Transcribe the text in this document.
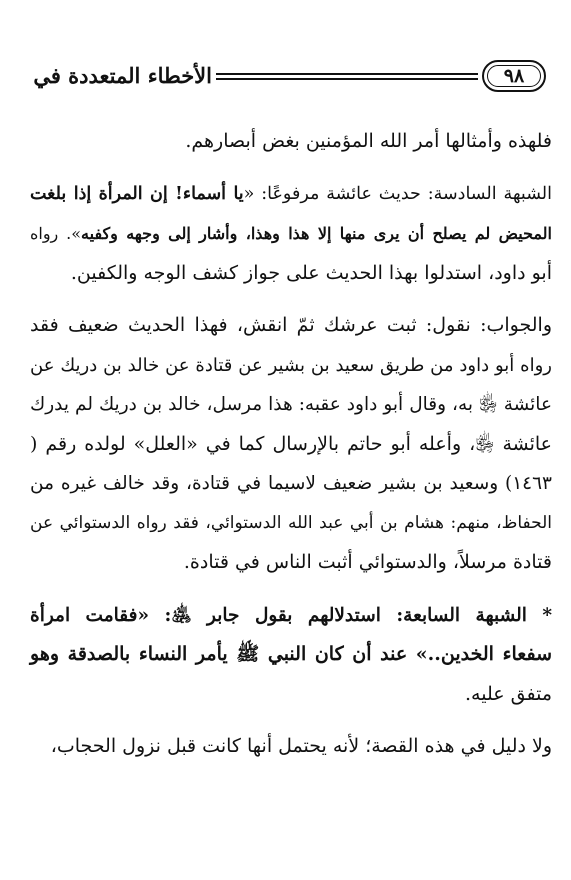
٩٨
الأخطاء المتعددة في
فلهذه وأمثالها أمر الله المؤمنين بغض أبصارهم.
الشبهة السادسة: حديث عائشة مرفوعًا: «يا أسماء! إن المرأة إذا بلغت
المحيض لم يصلح أن يرى منها إلا هذا وهذا، وأشار إلى وجهه وكفيه». رواه
أبو داود، استدلوا بهذا الحديث على جواز كشف الوجه والكفين.
والجواب: نقول: ثبت عرشك ثمّ انقش، فهذا الحديث ضعيف فقد
رواه أبو داود من طريق سعيد بن بشير عن قتادة عن خالد بن دريك عن
عائشة ﵂ به، وقال أبو داود عقبه: هذا مرسل، خالد بن دريك لم يدرك
عائشة ﵂، وأعله أبو حاتم بالإرسال كما في «العلل» لولده رقم (
١٤٦٣) وسعيد بن بشير ضعيف لاسيما في قتادة، وقد خالف غيره من
الحفاظ، منهم: هشام بن أبي عبد الله الدستوائي، فقد رواه الدستوائي عن
قتادة مرسلاً، والدستوائي أثبت الناس في قتادة.
* الشبهة السابعة: استدلالهم بقول جابر ﵁: «فقامت امرأة
سفعاء الخدين..» عند أن كان النبي ﷺ يأمر النساء بالصدقة وهو
متفق عليه.
ولا دليل في هذه القصة؛ لأنه يحتمل أنها كانت قبل نزول الحجاب،
